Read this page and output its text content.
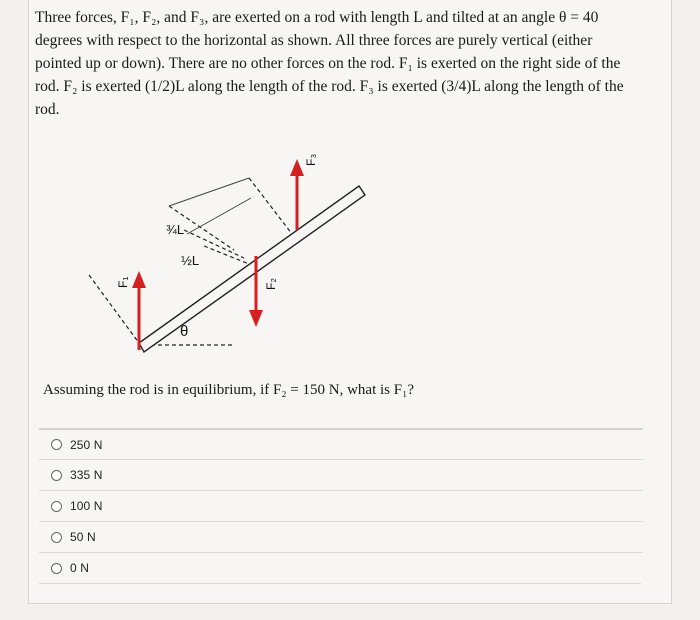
Three forces, F₁, F₂, and F₃, are exerted on a rod with length L and tilted at an angle θ = 40 degrees with respect to the horizontal as shown. All three forces are purely vertical (either pointed up or down). There are no other forces on the rod. F₁ is exerted on the right side of the rod. F₂ is exerted (1/2)L along the length of the rod. F₃ is exerted (3/4)L along the length of the rod.
¾L
½L
θ
F₁	F₂
F₃
Assuming the rod is in equilibrium, if F₂ = 150 N, what is F₁?
250 N
335 N
100 N
50 N
0 N
